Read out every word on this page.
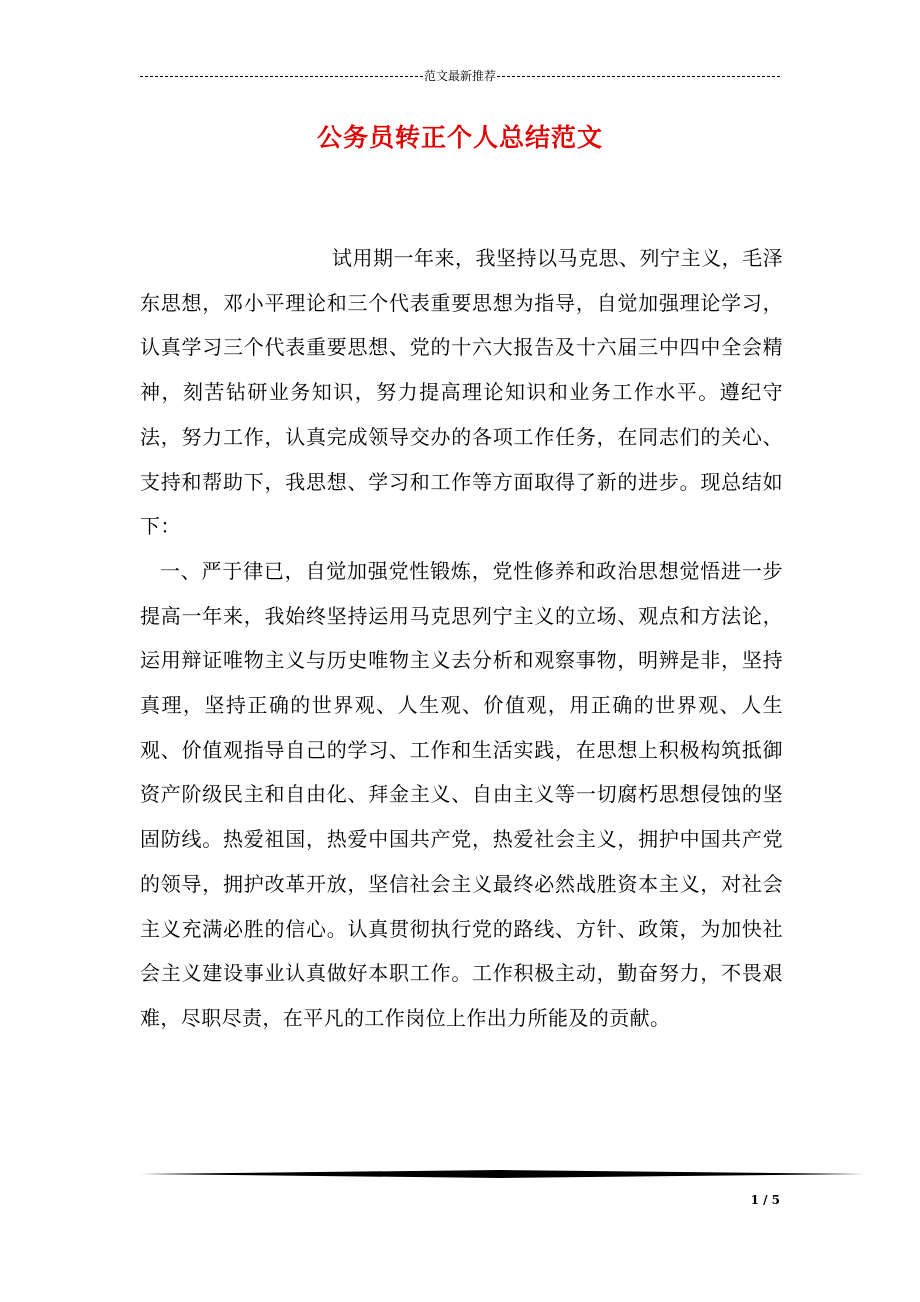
范文最新推荐
公务员转正个人总结范文

试用期一年来，我坚持以马克思、列宁主义，毛泽东思想，邓小平理论和三个代表重要思想为指导，自觉加强理论学习，认真学习三个代表重要思想、党的十六大报告及十六届三中四中全会精神，刻苦钻研业务知识，努力提高理论知识和业务工作水平。遵纪守法，努力工作，认真完成领导交办的各项工作任务，在同志们的关心、支持和帮助下，我思想、学习和工作等方面取得了新的进步。现总结如下：

一、严于律已，自觉加强党性锻炼，党性修养和政治思想觉悟进一步提高一年来，我始终坚持运用马克思列宁主义的立场、观点和方法论，运用辩证唯物主义与历史唯物主义去分析和观察事物，明辨是非，坚持真理，坚持正确的世界观、人生观、价值观，用正确的世界观、人生观、价值观指导自己的学习、工作和生活实践，在思想上积极构筑抵御资产阶级民主和自由化、拜金主义、自由主义等一切腐朽思想侵蚀的坚固防线。热爱祖国，热爱中国共产党，热爱社会主义，拥护中国共产党的领导，拥护改革开放，坚信社会主义最终必然战胜资本主义，对社会主义充满必胜的信心。认真贯彻执行党的路线、方针、政策，为加快社会主义建设事业认真做好本职工作。工作积极主动，勤奋努力，不畏艰难，尽职尽责，在平凡的工作岗位上作出力所能及的贡献。

1 / 5
